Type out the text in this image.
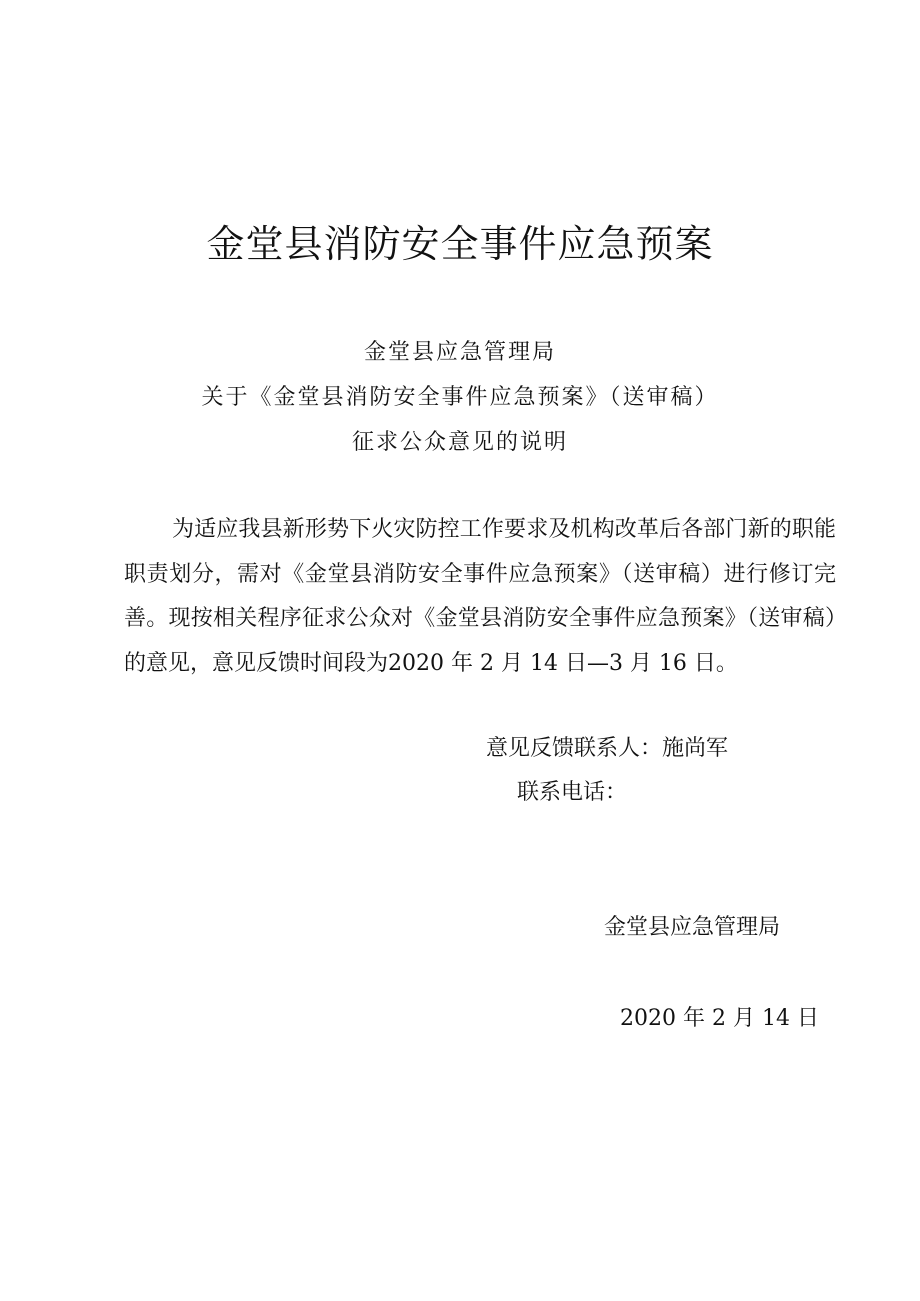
金堂县消防安全事件应急预案
金堂县应急管理局
关于《金堂县消防安全事件应急预案》（送审稿）
征求公众意见的说明

为适应我县新形势下火灾防控工作要求及机构改革后各部门新的职能职责划分，需对《金堂县消防安全事件应急预案》（送审稿）进行修订完善。现按相关程序征求公众对《金堂县消防安全事件应急预案》（送审稿）的意见，意见反馈时间段为2020 年 2 月 14 日—3 月 16 日。

意见反馈联系人：施尚军
联系电话：
金堂县应急管理局
2020 年 2 月 14 日
